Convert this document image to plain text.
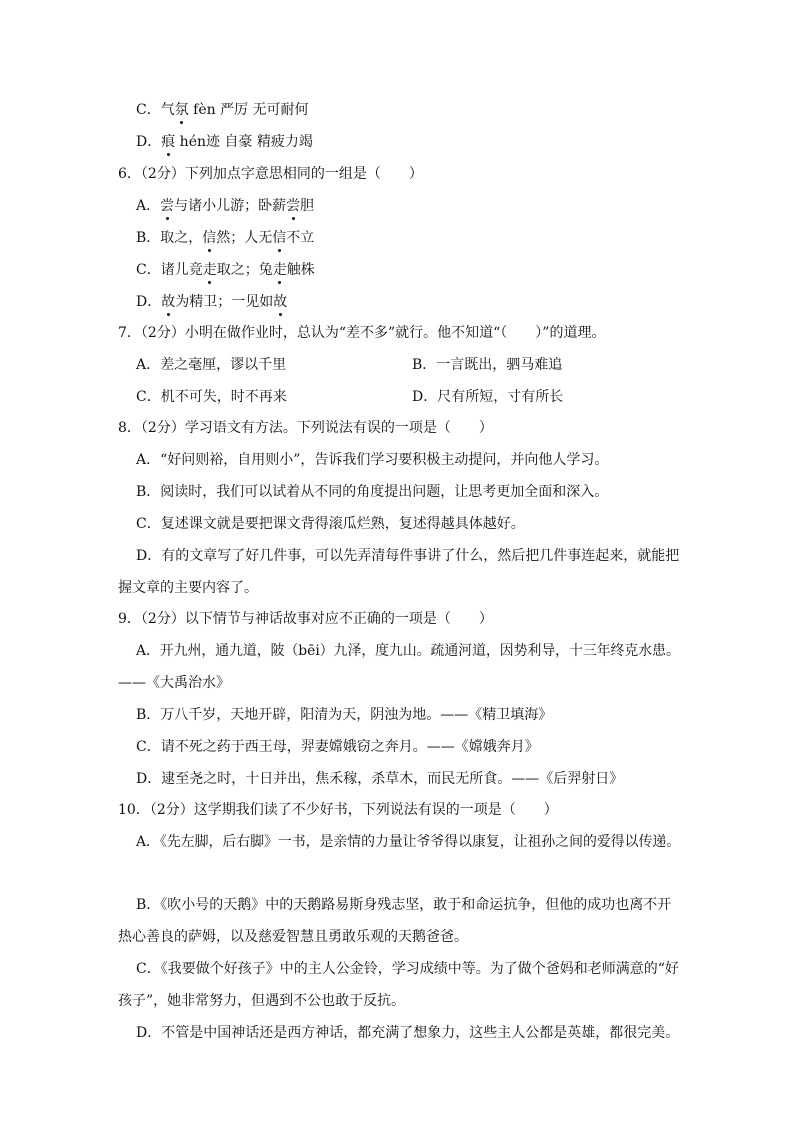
C．气氛 fèn 严厉 无可耐何
D．痕 hén迹 自豪 精疲力竭
6．（2分）下列加点字意思相同的一组是（　　）
A．尝与诸小儿游；卧薪尝胆
B．取之，信然；人无信不立
C．诸儿竞走取之；兔走触株
D．故为精卫；一见如故
7．（2分）小明在做作业时，总认为“差不多”就行。他不知道“（　　）”的道理。
A．差之毫厘，谬以千里	B．一言既出，驷马难追
C．机不可失，时不再来	D．尺有所短，寸有所长
8．（2分）学习语文有方法。下列说法有误的一项是（　　）
A．“好问则裕，自用则小”，告诉我们学习要积极主动提问，并向他人学习。
B．阅读时，我们可以试着从不同的角度提出问题，让思考更加全面和深入。
C．复述课文就是要把课文背得滚瓜烂熟，复述得越具体越好。
D．有的文章写了好几件事，可以先弄清每件事讲了什么，然后把几件事连起来，就能把
握文章的主要内容了。
9．（2分）以下情节与神话故事对应不正确的一项是（　　）
A．开九州，通九道，陂（bēi）九泽，度九山。疏通河道，因势利导，十三年终克水患。
——《大禹治水》
B．万八千岁，天地开辟，阳清为天，阴浊为地。——《精卫填海》
C．请不死之药于西王母，羿妻嫦娥窃之奔月。——《嫦娥奔月》
D．逮至尧之时，十日并出，焦禾稼，杀草木，而民无所食。——《后羿射日》
10．（2分）这学期我们读了不少好书，下列说法有误的一项是（　　）
A．《先左脚，后右脚》一书，是亲情的力量让爷爷得以康复，让祖孙之间的爱得以传递。
B．《吹小号的天鹅》中的天鹅路易斯身残志坚，敢于和命运抗争，但他的成功也离不开
热心善良的萨姆，以及慈爱智慧且勇敢乐观的天鹅爸爸。
C．《我要做个好孩子》中的主人公金铃，学习成绩中等。为了做个爸妈和老师满意的“好
孩子”，她非常努力，但遇到不公也敢于反抗。
D．不管是中国神话还是西方神话，都充满了想象力，这些主人公都是英雄，都很完美。
